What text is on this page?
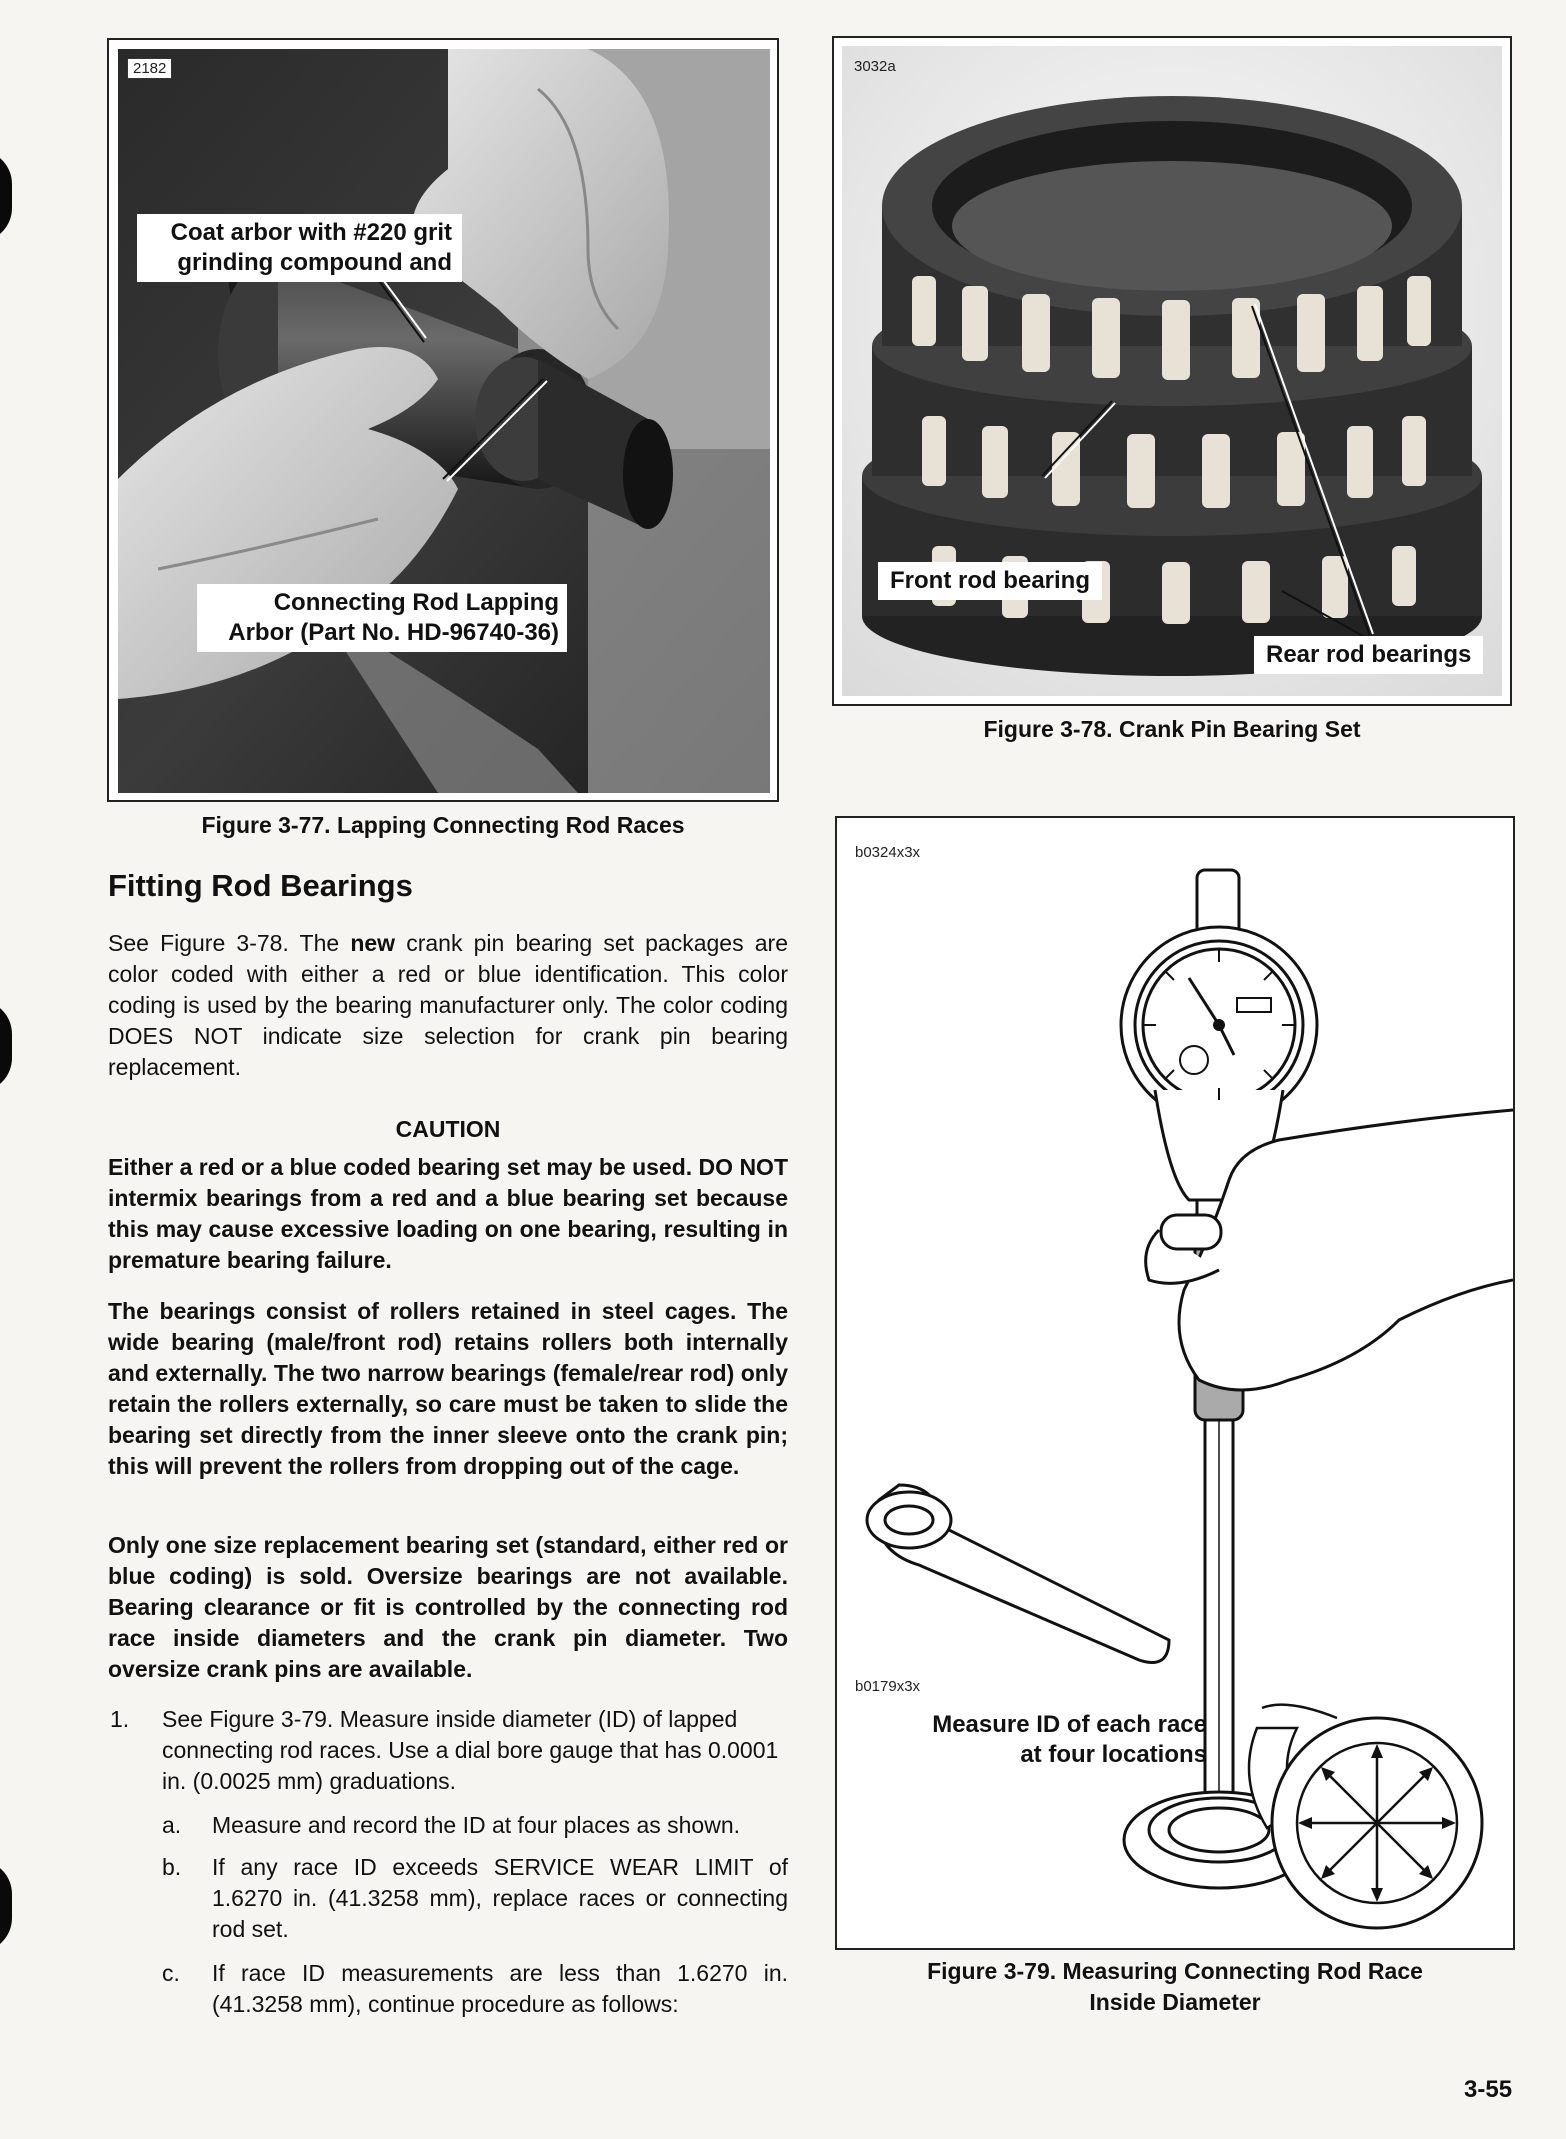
2182
Coat arbor with #220 grit
grinding compound and
Connecting Rod Lapping
Arbor (Part No. HD-96740-36)
Figure 3-77. Lapping Connecting Rod Races
3032a
Front rod bearing
Rear rod bearings
Figure 3-78. Crank Pin Bearing Set
b0324x3x
b0179x3x
Measure ID of each race
at four locations
Figure 3-79. Measuring Connecting Rod Race
Inside Diameter
Fitting Rod Bearings
See Figure 3-78. The new crank pin bearing set packages are color coded with either a red or blue identification. This color coding is used by the bearing manufacturer only. The color coding DOES NOT indicate size selection for crank pin bearing replacement.
CAUTION
Either a red or a blue coded bearing set may be used. DO NOT intermix bearings from a red and a blue bearing set because this may cause excessive loading on one bearing, resulting in premature bearing failure.
The bearings consist of rollers retained in steel cages. The wide bearing (male/front rod) retains rollers both internally and externally. The two narrow bearings (female/rear rod) only retain the rollers externally, so care must be taken to slide the bearing set directly from the inner sleeve onto the crank pin; this will prevent the rollers from dropping out of the cage.
Only one size replacement bearing set (standard, either red or blue coding) is sold. Oversize bearings are not available. Bearing clearance or fit is controlled by the connecting rod race inside diameters and the crank pin diameter. Two oversize crank pins are available.
1. See Figure 3-79. Measure inside diameter (ID) of lapped connecting rod races. Use a dial bore gauge that has 0.0001 in. (0.0025 mm) graduations.
a. Measure and record the ID at four places as shown.
b. If any race ID exceeds SERVICE WEAR LIMIT of 1.6270 in. (41.3258 mm), replace races or connecting rod set.
c. If race ID measurements are less than 1.6270 in. (41.3258 mm), continue procedure as follows:
3-55
